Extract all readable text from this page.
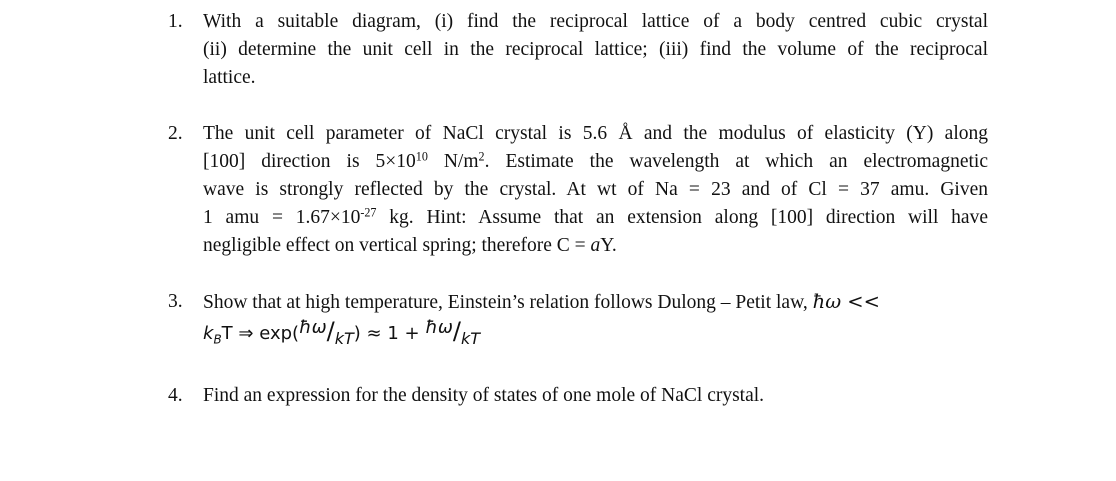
1.	With a suitable diagram, (i) find the reciprocal lattice of a body centred cubic crystal
(ii) determine the unit cell in the reciprocal lattice; (iii) find the volume of the reciprocal
lattice.
2.	The unit cell parameter of NaCl crystal is 5.6 Å and the modulus of elasticity (Y) along
[100] direction is $5\times 10^{10}$ $N/m^2$. Estimate the wavelength at which an electromagnetic
wave is strongly reflected by the crystal. At wt of Na = 23 and of Cl = 37 amu. Given
1 amu = $1.67\times 10^{-27}$ kg. Hint: Assume that an extension along [100] direction will have
negligible effect on vertical spring; therefore C = aY.
3.	Show that at high temperature, Einstein’s relation follows Dulong – Petit law, ħω <<
$k_BT$ ⇒ exp(ħω/kT) ≈ 1 + ħω/kT
4.	Find an expression for the density of states of one mole of NaCl crystal.
